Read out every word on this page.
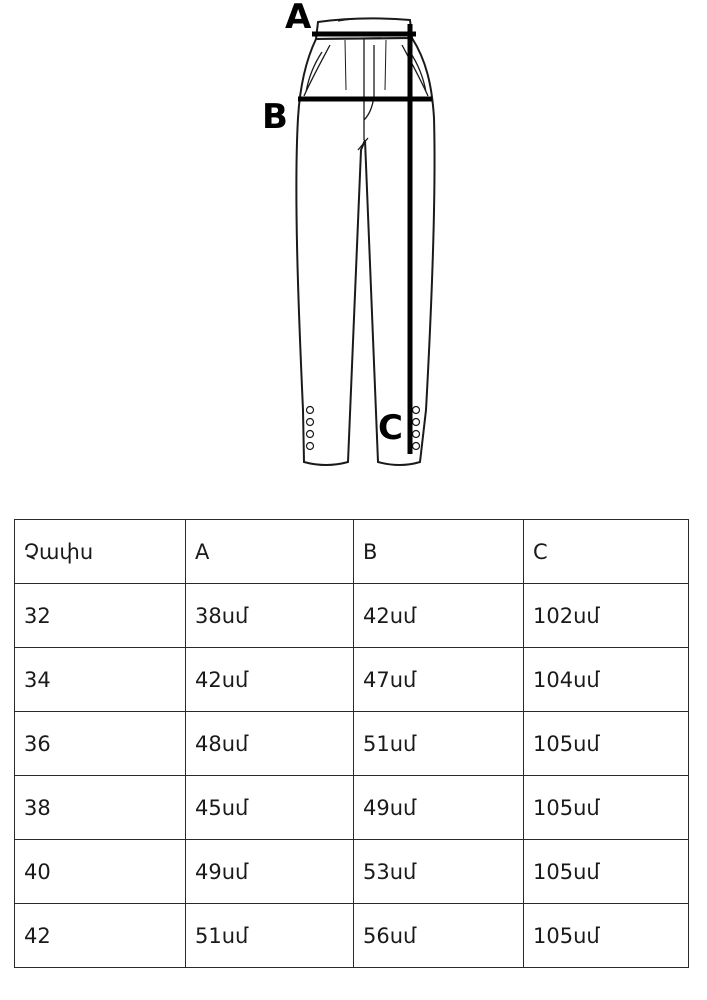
A
B
C
Չափս	A	B	C
32	38սմ	42սմ	102սմ
34	42սմ	47սմ	104սմ
36	48սմ	51սմ	105սմ
38	45սմ	49սմ	105սմ
40	49սմ	53սմ	105սմ
42	51սմ	56սմ	105սմ
